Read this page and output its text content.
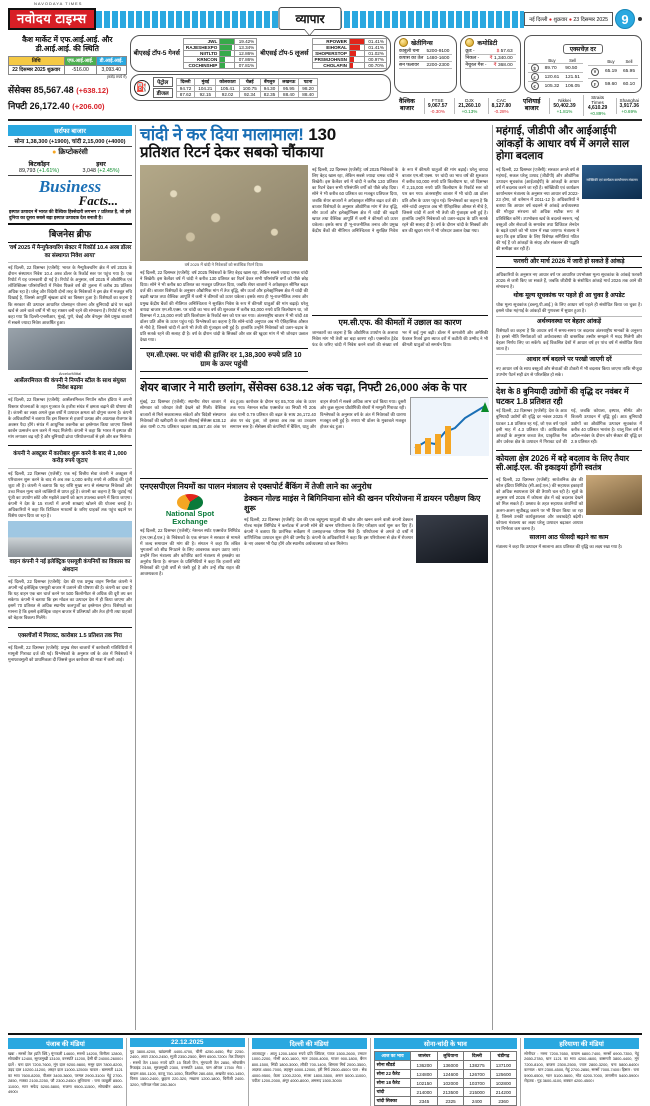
NAVODAYA TIMES
नवोदय टाइम्स	व्यापार	नई दिल्ली ● शुक्रवार ● 23 दिसम्बर 2025	9
कैश मार्केट में एफ.आई.आई. और डी.आई.आई. की स्थिति
तिथि	एफ.आई.आई.	डी.आई.आई.
22 दिसम्बर 2025 शुक्रवार	-516.00	3,093.40
(करोड़ रुपये में)
सेंसेक्स 85,567.48 (+638.12)
निफ्टी 26,172.40 (+206.00)
बीएसई टॉप-5 गेनर्स
JWL		19.42%
RAJESHEXPO		13.34%
NIITLTD		12.86%
KRNCON		07.86%
COCHINSHIP		07.81%
बीएसई टॉप-5 लूजर्स
RPOWER		01.41%
EIHORAL		01.41%
SHOPERSTOP		01.02%
PRSMJOHNSN		00.97%
CHOLAFIN		00.70%
⛽	पेट्रोल
डीजल
दिल्ली	मुंबई	कोलकाता	चेन्नई	बेंगलुरु	लखनऊ	पटना
94.72	104.21	105.41	100.75	94.30	95.95	98.20
87.62	92.15	92.02	92.34	82.35	88.40	88.40
खेतीगिन्स
काबुली चना	5200-9100
कपास का तेल	1480-1600
सन फलावर	2200-2300
कमोडिटी
क्रूड -	$ 57.63
निकल -	₹ 1,340.00
नैचुरल गैस -	₹ 368.00
एक्सचेंज़ दर
	Buy	Sell

$	89.70	90.50

£	120.61	121.51

€	105.32	106.05
	Buy	Sell

¥	65.19	65.95

₣	59.60	60.10
वैश्विक बाजार
FTSE
9,067.57
-0.30%
DJX
21,260.10
+0.13%
CAC
8,127.80
-0.28%
एशियाई बाजार
Nikkei
50,402.39
+1.81%
Straits Times
4,610.29
+0.89%
Shanghai
3,917.36
+0.69%
सर्राफा बाजार
सोना 1,38,300 (+1900), चांदी 2,15,000 (+4000)
● क्रिप्टोकरंसी
बिटकॉइन
89,793 (+1.61%)
इथर
3,048 (+2.45%)
Business
Facts...
इस्पात उत्पादन में भारत की वैश्विक हिस्सेदारी लगभग 7 प्रतिशत है, जो इसे दुनिया का दूसरा सबसे बड़ा इस्पात उत्पादक देश बनाती है।
बिजनेस ब्रीफ
'वर्ष 2025 में मैन्युफैक्चरिंग सेक्टर में रिकॉर्ड 10.4 अरब डॉलर का संस्थागत निवेश आया'
नई दिल्ली, 22 दिसम्बर (एजेंसी): भारत के मैन्युफैक्चरिंग क्षेत्र में वर्ष 2025 के दौरान संस्थागत निवेश 10.4 अरब डॉलर के रिकॉर्ड स्तर पर पहुंच गया है। एक रिपोर्ट में यह जानकारी दी गई है। रिपोर्ट के अनुसार, वर्ष 2025 में औद्योगिक एवं लॉजिस्टिक्स परिसंपत्तियों में निवेश पिछले वर्ष की तुलना में करीब 35 प्रतिशत अधिक रहा है। घरेलू और विदेशी दोनों तरह के निवेशकों ने इस क्षेत्र में मजबूत रुचि दिखाई है, जिससे आपूर्ति श्रृंखला ढांचे का विस्तार हुआ है। विशेषज्ञों का कहना है कि सरकार की उत्पादन आधारित प्रोत्साहन योजना और बुनियादी ढांचे पर बढ़ते खर्च से आने वाले वर्षों में भी यह रफ्तार बनी रहने की संभावना है। रिपोर्ट में यह भी कहा गया कि दिल्ली-एनसीआर, मुंबई, पुणे, चेन्नई और बेंगलुरु जैसे प्रमुख बाजारों में सबसे ज्यादा निवेश आकर्षित हुआ।
ArcelorMittal
आर्सेलरमित्तल की कंपनी ने निप्पॉन स्टील के साथ संयुक्त निवेश बढ़ाया
नई दिल्ली, 22 दिसम्बर (एजेंसी): आर्सेलरमित्तल निप्पॉन स्टील इंडिया ने अपनी विस्तार योजनाओं के तहत गुजरात के हजीरा संयंत्र में क्षमता बढ़ाने की घोषणा की है। कंपनी का लक्ष्य अगले कुछ वर्षों में उत्पादन क्षमता को दोगुना करना है। कंपनी के अधिकारियों ने बताया कि इस विस्तार से हजारों प्रत्यक्ष और अप्रत्यक्ष रोजगार के अवसर पैदा होंगे। संयंत्र में आधुनिक तकनीक का इस्तेमाल किया जाएगा जिससे कार्बन उत्सर्जन कम करने में मदद मिलेगी। कंपनी ने कहा कि भारत में इस्पात की मांग लगातार बढ़ रही है और बुनियादी ढांचा परियोजनाओं से इसे और बल मिलेगा।
कंपनी ने अक्टूबर में कारोबार शुरू करने के बाद से 1,000 करोड़ रुपये जुटाए
नई दिल्ली, 22 दिसम्बर (एजेंसी): एक नई वित्तीय सेवा कंपनी ने अक्टूबर में परिचालन शुरू करने के बाद से अब तक 1,000 करोड़ रुपये से अधिक की पूंजी जुटा ली है। कंपनी ने बताया कि यह राशि मुख्य रूप से संस्थागत निवेशकों और उच्च निवल मूल्य वाले व्यक्तियों से प्राप्त हुई है। कंपनी का कहना है कि जुटाई गई पूंजी का उपयोग छोटे और मझोले उद्यमों को ऋण उपलब्ध कराने में किया जाएगा। कंपनी ने देश के 15 राज्यों में अपनी शाखाएं खोलने की योजना बनाई है। अधिकारियों ने कहा कि डिजिटल माध्यमों के जरिए ग्राहकों तक पहुंच बढ़ाने पर विशेष ध्यान दिया जा रहा है।
वाहन कंपनी ने नई इलेक्ट्रिक एसयूवी कंपनियों का विकास का अंशदान
नई दिल्ली, 22 दिसम्बर (एजेंसी): देश की एक प्रमुख वाहन निर्माता कंपनी ने अपनी नई इलेक्ट्रिक एसयूवी बाजार में उतारने की घोषणा की है। कंपनी का दावा है कि यह वाहन एक बार चार्ज करने पर 500 किलोमीटर से अधिक की दूरी तय कर सकेगा। कंपनी ने बताया कि इस मॉडल का उत्पादन देश में ही किया जाएगा और इसमें 70 प्रतिशत से अधिक स्थानीय कलपुर्जों का इस्तेमाल होगा। विशेषज्ञों का मानना है कि इससे इलेक्ट्रिक वाहन बाजार में प्रतिस्पर्धा और तेज होगी तथा ग्राहकों को बेहतर विकल्प मिलेंगे।
एक्सचेंजों में गिरावट, कारोबार 1.5 प्रतिशत तक गिरा
नई दिल्ली, 22 दिसम्बर (एजेंसी): प्रमुख शेयर बाजारों में कारोबारी गतिविधियों में मामूली गिरावट दर्ज की गई। विश्लेषकों के अनुसार वर्ष के अंत में निवेशकों ने मुनाफावसूली को प्राथमिकता दी जिससे कुल कारोबार की मात्रा में कमी आई।
चांदी ने कर दिया मालामाल! 130
प्रतिशत रिटर्न देकर सबको चौंकाया
वर्ष 2025 में चांदी ने निवेशकों को सर्वाधिक रिटर्न दिया।
नई दिल्ली, 22 दिसम्बर (एजेंसी): वर्ष 2025 निवेशकों के लिए बेहद खास रहा, लेकिन सबसे ज्यादा चमक चांदी ने बिखेरी। इस कैलेंडर वर्ष में चांदी ने करीब 130 प्रतिशत का रिटर्न देकर सभी परिसंपत्ति वर्गों को पीछे छोड़ दिया। सोने ने भी करीब 60 प्रतिशत का मजबूत प्रतिफल दिया, जबकि शेयर बाजारों ने अपेक्षाकृत सीमित बढ़त दर्ज की। बाजार विशेषज्ञों के अनुसार औद्योगिक मांग में तेज वृद्धि, सौर ऊर्जा और इलेक्ट्रॉनिक्स क्षेत्र में चांदी की बढ़ती खपत तथा वैश्विक आपूर्ति में कमी ने कीमतों को ऊपर धकेला। इसके साथ ही भू-राजनीतिक तनाव और प्रमुख केंद्रीय बैंकों की नीतिगत अनिश्चितता ने सुरक्षित निवेश के रूप में कीमती धातुओं की मांग बढ़ाई। घरेलू वायदा बाजार एम.सी.एक्स. पर चांदी का भाव वर्ष की शुरुआत में करीब 93,000 रुपये प्रति किलोग्राम था, जो दिसम्बर में 2,15,000 रुपये प्रति किलोग्राम के रिकॉर्ड स्तर को पार कर गया। अंतरराष्ट्रीय बाजार में भी चांदी 48 डॉलर प्रति औंस के ऊपर पहुंच गई। विश्लेषकों का कहना है कि सोने-चांदी अनुपात अब भी ऐतिहासिक औसत से नीचे है, जिससे चांदी में आगे भी तेजी की गुंजाइश बनी हुई है। हालांकि उन्होंने निवेशकों को उतार-चढ़ाव के प्रति सतर्क रहने की सलाह दी है। वर्ष के दौरान चांदी के सिक्कों और बार की खुदरा मांग में भी जोरदार उछाल देखा गया।
एम.सी.एक्स. पर चांदी की हाजिर दर 1,38,300 रुपये प्रति 10 ग्राम के ऊपर पहुंची
नई दिल्ली, 22 दिसम्बर (एजेंसी): वर्ष 2025 निवेशकों के लिए बेहद खास रहा, लेकिन सबसे ज्यादा चमक चांदी ने बिखेरी। इस कैलेंडर वर्ष में चांदी ने करीब 130 प्रतिशत का रिटर्न देकर सभी परिसंपत्ति वर्गों को पीछे छोड़ दिया। सोने ने भी करीब 60 प्रतिशत का मजबूत प्रतिफल दिया, जबकि शेयर बाजारों ने अपेक्षाकृत सीमित बढ़त दर्ज की। बाजार विशेषज्ञों के अनुसार औद्योगिक मांग में तेज वृद्धि, सौर ऊर्जा और इलेक्ट्रॉनिक्स क्षेत्र में चांदी की बढ़ती खपत तथा वैश्विक आपूर्ति में कमी ने कीमतों को ऊपर धकेला। इसके साथ ही भू-राजनीतिक तनाव और प्रमुख केंद्रीय बैंकों की नीतिगत अनिश्चितता ने सुरक्षित निवेश के रूप में कीमती धातुओं की मांग बढ़ाई। घरेलू वायदा बाजार एम.सी.एक्स. पर चांदी का भाव वर्ष की शुरुआत में करीब 93,000 रुपये प्रति किलोग्राम था, जो दिसम्बर में 2,15,000 रुपये प्रति किलोग्राम के रिकॉर्ड स्तर को पार कर गया। अंतरराष्ट्रीय बाजार में भी चांदी 48 डॉलर प्रति औंस के ऊपर पहुंच गई। विश्लेषकों का कहना है कि सोने-चांदी अनुपात अब भी ऐतिहासिक औसत से नीचे है, जिससे चांदी में आगे भी तेजी की गुंजाइश बनी हुई है। हालांकि उन्होंने निवेशकों को उतार-चढ़ाव के प्रति सतर्क रहने की सलाह दी है। वर्ष के दौरान चांदी के सिक्कों और बार की खुदरा मांग में भी जोरदार उछाल देखा गया।
एम.सी.एफ. की कीमतों में उछाल का कारण
जानकारों का कहना है कि औद्योगिक उपयोग के अलावा निवेश मांग भी तेजी का बड़ा कारण रही। एक्सचेंज ट्रेडेड फंड के जरिए चांदी में निवेश करने वालों की संख्या वर्ष भर में कई गुना बढ़ी। डॉलर में कमजोरी और अमेरिकी फेडरल रिजर्व द्वारा ब्याज दरों में कटौती की उम्मीद ने भी कीमती धातुओं को समर्थन दिया।
शेयर बाजार ने मारी छलांग, सेंसेक्स 638.12 अंक चढ़ा, निफ्टी 26,000 अंक के पार
मुंबई, 22 दिसम्बर (एजेंसी): स्थानीय शेयर बाजार में सोमवार को जोरदार तेजी देखने को मिली। वैश्विक बाजारों से मिले सकारात्मक संकेतों और विदेशी संस्थागत निवेशकों की खरीदारी के चलते बीएसई सेंसेक्स 638.12 अंक यानी 0.75 प्रतिशत चढ़कर 85,567.48 अंक पर बंद हुआ। कारोबार के दौरान यह 85,700 अंक के ऊपर तक गया। नेशनल स्टॉक एक्सचेंज का निफ्टी भी 206 अंक यानी 0.79 प्रतिशत की बढ़त के साथ 26,172.40 अंक पर बंद हुआ, जो इसका अब तक का उच्चतम समापन स्तर है। सेंसेक्स की कंपनियों में बैंकिंग, धातु और वाहन शेयरों में सबसे अधिक लाभ दर्ज किया गया। दूसरी ओर कुछ सूचना प्रौद्योगिकी शेयरों में मामूली गिरावट रही। विश्लेषकों के अनुसार वर्ष के अंत में निवेशकों की धारणा मजबूत बनी हुई है। रुपया भी डॉलर के मुकाबले मजबूत होकर बंद हुआ।
एनएसपीएल नियमों का पालन मंत्रालय से एक्सपोर्ट बैंकिंग में तेजी लाने का अनुरोध
National Spot
Exchange
नई दिल्ली, 22 दिसम्बर (एजेंसी): नेशनल स्पॉट एक्सचेंज लिमिटेड (एन.एस.ई.एल.) के निवेशकों के एक संगठन ने सरकार से मामले में जल्द समाधान की मांग की है। संगठन ने कहा कि लंबित भुगतानों को शीघ्र निपटाने के लिए आवश्यक कदम उठाए जाएं। उन्होंने वित्त मंत्रालय और कॉर्पोरेट कार्य मंत्रालय से हस्तक्षेप का अनुरोध किया है। संगठन के प्रतिनिधियों ने कहा कि हजारों छोटे निवेशकों की पूंजी वर्षों से फंसी हुई है और उन्हें शीघ्र राहत की आवश्यकता है।
डेक्कन गोल्ड माइंस ने बिगिनियाना सोने की खनन परियोजना में डायरन परीक्षण किए शुरू
नई दिल्ली, 22 दिसम्बर (एजेंसी): देश की एक बहुमूल्य धातुओं की खोज और खनन करने वाली कंपनी डेक्कन गोल्ड माइंस लिमिटेड ने कर्नाटक में अपनी सोने की खनन परियोजना के लिए परीक्षण कार्य शुरू कर दिए हैं। कंपनी ने बताया कि प्रारंभिक सर्वेक्षण में उत्साहजनक परिणाम मिले हैं। परियोजना से अगले दो वर्षों में वाणिज्यिक उत्पादन शुरू होने की उम्मीद है। कंपनी के अधिकारियों ने कहा कि इस परियोजना से क्षेत्र में रोजगार के नए अवसर भी पैदा होंगे और स्थानीय अर्थव्यवस्था को बल मिलेगा।
महंगाई, जीडीपी और आईआईपी आंकड़ों के आधार वर्ष में अगले साल होगा बदलाव
नई दिल्ली, 22 दिसम्बर (एजेंसी): सरकार अगले वर्ष से महंगाई, सकल घरेलू उत्पाद (जीडीपी) और औद्योगिक उत्पादन सूचकांक (आईआईपी) के आंकड़ों के आधार वर्ष में बदलाव करने जा रही है। सांख्यिकी एवं कार्यक्रम कार्यान्वयन मंत्रालय के अनुसार नया आधार वर्ष 2022-23 होगा, जो वर्तमान में 2011-12 है। अधिकारियों ने बताया कि आधार वर्ष बदलने से आंकड़े अर्थव्यवस्था की मौजूदा संरचना को अधिक सटीक रूप से प्रतिबिंबित करेंगे। उपभोक्ता खर्च के बदलते स्वरूप, नई वस्तुओं और सेवाओं के समावेश तथा डिजिटल लेनदेन के बढ़ते दायरे को भी ध्यान में रखा जाएगा। मंत्रालय ने कहा कि इस प्रक्रिया के लिए विशेषज्ञ समितियां गठित की गई हैं जो आंकड़ों के संग्रह और संकलन की पद्धति की समीक्षा कर रही हैं।
सांख्यिकी एवं कार्यक्रम कार्यान्वयन मंत्रालय
फरवरी और मार्च 2026 में जारी हो सकते हैं आंकड़े
अधिकारियों के अनुसार नए आधार वर्ष पर आधारित उपभोक्ता मूल्य सूचकांक के आंकड़े फरवरी 2026 से जारी किए जा सकते हैं, जबकि जीडीपी के संशोधित आंकड़े मार्च 2026 तक आने की संभावना है।
थोक मूल्य सूचकांक पर पहले ही आ चुका है अपडेट
थोक मूल्य सूचकांक (डब्ल्यू.पी.आई.) के लिए आधार वर्ष पहले ही संशोधित किया जा चुका है। इससे थोक महंगाई के आंकड़ों की गुणवत्ता में सुधार हुआ है।
अर्थव्यवस्था पर बेहतर आंकड़ें
विशेषज्ञों का कहना है कि आधार वर्ष में समय-समय पर बदलाव अंतरराष्ट्रीय मानकों के अनुरूप है। इससे नीति निर्माताओं को अर्थव्यवस्था की वास्तविक तस्वीर समझने में मदद मिलेगी और बेहतर निर्णय लिए जा सकेंगे। कई विकसित देशों में आधार वर्ष हर पांच वर्ष में संशोधित किया जाता है।
आधार वर्ष बदलने पर परखी जाएगी दरें
नए आधार वर्ष के साथ वस्तुओं और सेवाओं की टोकरी में भी बदलाव किया जाएगा ताकि मौजूदा उपभोग पैटर्न सही ढंग से परिलक्षित हो सके।
देश के 8 बुनियादी उद्योगों की वृद्धि दर नवंबर में घटकर 1.8 प्रतिशत रही
नई दिल्ली, 22 दिसम्बर (एजेंसी): देश के आठ बुनियादी उद्योगों की वृद्धि दर नवंबर 2025 में घटकर 1.8 प्रतिशत रह गई, जो एक वर्ष पहले इसी माह में 4.3 प्रतिशत थी। आधिकारिक आंकड़ों के अनुसार कच्चा तेल, प्राकृतिक गैस और उर्वरक क्षेत्र के उत्पादन में गिरावट दर्ज की गई, जबकि कोयला, इस्पात, सीमेंट और बिजली उत्पादन में वृद्धि हुई। आठ बुनियादी उद्योगों का औद्योगिक उत्पादन सूचकांक में करीब 40 प्रतिशत भारांश है। चालू वित्त वर्ष में अप्रैल-नवंबर के दौरान कोर सेक्टर की वृद्धि दर 2.9 प्रतिशत रही।
कोयला क्षेत्र 2026 में बड़े बदलाव के लिए तैयार सी.आई.एल. की इकाइयां होंगी स्वतंत्र
नई दिल्ली, 22 दिसम्बर (एजेंसी): सार्वजनिक क्षेत्र की कोल इंडिया लिमिटेड (सी.आई.एल.) की सहायक इकाइयों को अधिक स्वायत्तता देने की तैयारी चल रही है। सूत्रों के अनुसार वर्ष 2026 में कोयला क्षेत्र में बड़े बदलाव देखने को मिल सकते हैं। प्रस्ताव के तहत सहायक कंपनियों को अलग-अलग सूचीबद्ध कराने पर भी विचार किया जा रहा है, जिससे उनकी कार्यकुशलता और जवाबदेही बढ़ेगी। कोयला मंत्रालय का लक्ष्य घरेलू उत्पादन बढ़ाकर आयात पर निर्भरता कम करना है।
सालाना आठ फीसदी बढ़ाने का काम
मंत्रालय ने कहा कि उत्पादन में सालाना आठ प्रतिशत की वृद्धि का लक्ष्य रखा गया है।
पंजाब की मंडियां
खन्ना : सरसों तेल (प्रति क्विं.) मूंगफली 14600, सरसों 14200, बिनौला 12800, सोयाबीन 12400, सूरजमुखी 13100, वनस्पति 11200, देसी घी 24000-26000। दालें : चना दाल 7200-7600, मूंग दाल 9200-9800, मसूर दाल 7800-8200, उड़द दाल 10200-11200, अरहर दाल 11000-12500। चावल : बासमती 1121 का भाव 7600-8200, पीआर 3400-3600, परमल 2900-3100। गेहूं 2700-2850, मक्का 2100-2250, जौ 2300-2450। लुधियाना : चना काबुली 8500-11000, मटर सफेद 5200-5800, राजमा 9500-11500, सोयाबीन 4600-4900।
22.12.2025
गुड़ 3800-4200, खांडसारी 4400-4700, चीनी 4250-4450, मैदा 2250-2400, आटा 2300-2450, सूजी 2350-2500, बेसन 6500-7200। तेल-तिलहन : सरसों तेल 1500 रुपये प्रति 15 किलो टिन, मूंगफली तेल 2850, सोयाबीन रिफाइंड 2150, सूरजमुखी 2300, वनस्पति 1850, पाम ऑयल 1750। मेवा : बादाम 850-1100, काजू 750-1050, किशमिश 280-650, अखरोट 950-1450, पिस्ता 1500-2400, छुहारा 220-320, मखाना 1200-1800, चिरौंजी 2400-3200, नारियल गोला 280-360।
दिल्ली की मंडियां
आजादपुर : आलू 1200-1800 रुपये प्रति क्विंटल, प्याज 1500-2600, टमाटर 1000-2200, गोभी 800-1600, मटर 2500-4000, गाजर 900-1800, बैंगन 800-1500, भिंडी 1800-3000, लौकी 700-1400, शिमला मिर्च 2000-3500, अदरक 4500-7000, लहसुन 6000-12000, हरी मिर्च 2500-4500। फल : सेब 4000-9500, केला 1200-2200, संतरा 1800-3500, अनार 5000-11000, पपीता 1200-2000, अंगूर 4000-8000, अमरूद 1500-3000।
सोना-चांदी के भाव
आज का भाव	जालंधर	लुधियाना	दिल्ली	चंडीगढ़
सोना स्टैंडर्ड	136200	136000	138275	137100
सोना 22 कैरेट	124800	124600	126700	125600
सोना 18 कैरेट	102150	102000	103700	102800
चांदी	214000	213500	215000	214200
चांदी सिक्का	2345	2325	2400	2360
हरियाणा की मंडियां
सोनीपत : नरमा 7200-7650, कपास 6800-7400, सरसों 6900-7350, गेहूं 2650-2780, धान 1121 का भाव 4200-4600, बासमती 3800-4400, मूंग 7200-8100, बाजरा 2300-2500, ज्वार 2800-3200, चना 5800-6400। करनाल : धान 2300-4500, गेहूं 2700-2850, सरसों 7000-7400। हिसार : चना 5900-6500, ग्वार 5100-5600, मोठ 6200-7000, तारामीरा 5400-5900। रोहतक : गुड़ 3600-4100, शक्कर 4200-4500।
